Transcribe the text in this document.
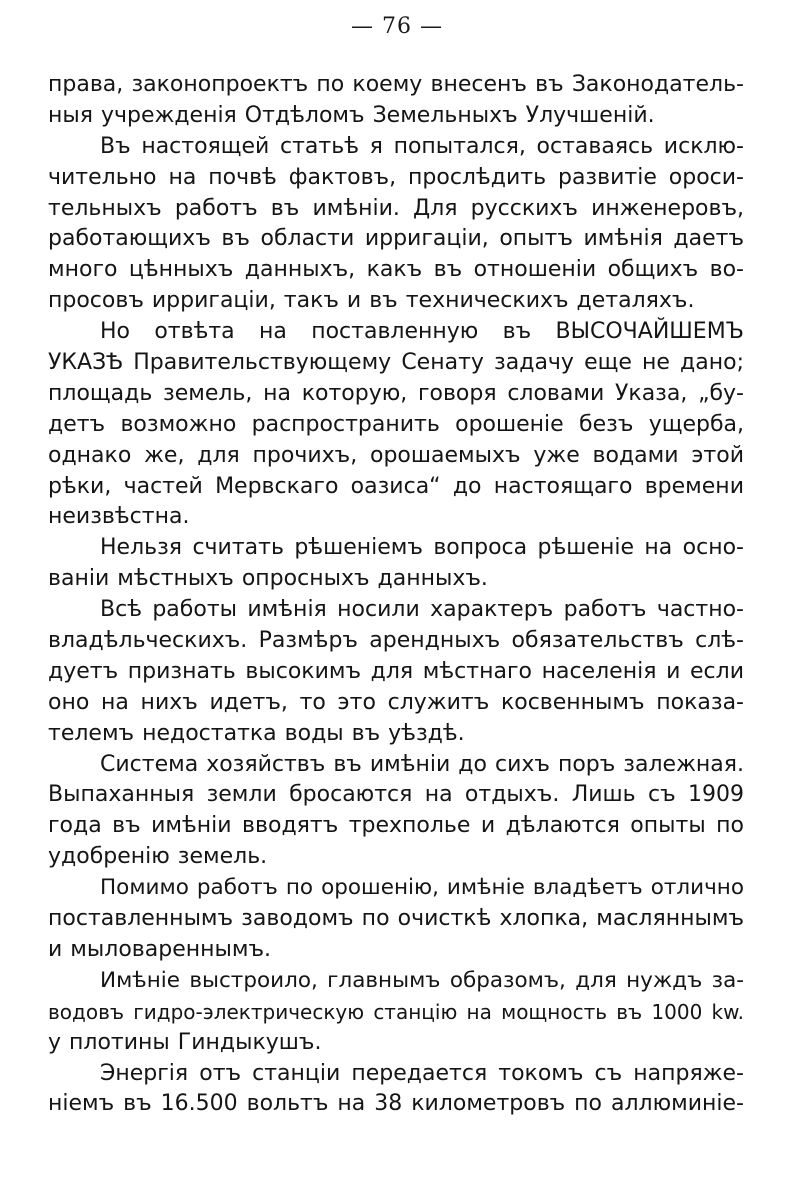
— 76 —
права, законопроектъ по коему внесенъ въ Законодатель-
ныя учрежденія Отдѣломъ Земельныхъ Улучшеній.
Въ настоящей статьѣ я попытался, оставаясь исклю-
чительно на почвѣ фактовъ, прослѣдить развитіе ороси-
тельныхъ работъ въ имѣніи. Для русскихъ инженеровъ,
работающихъ въ области ирригаціи, опытъ имѣнія даетъ
много цѣнныхъ данныхъ, какъ въ отношеніи общихъ во-
просовъ ирригаціи, такъ и въ техническихъ деталяхъ.
Но отвѣта на поставленную въ ВЫСОЧАЙШЕМЪ
УКАЗѢ Правительствующему Сенату задачу еще не дано;
площадь земель, на которую, говоря словами Указа, „бу-
детъ возможно распространить орошеніе безъ ущерба,
однако же, для прочихъ, орошаемыхъ уже водами этой
рѣки, частей Мервскаго оазиса“ до настоящаго времени
неизвѣстна.
Нельзя считать рѣшеніемъ вопроса рѣшеніе на осно-
ваніи мѣстныхъ опросныхъ данныхъ.
Всѣ работы имѣнія носили характеръ работъ частно-
владѣльческихъ. Размѣръ арендныхъ обязательствъ слѣ-
дуетъ признать высокимъ для мѣстнаго населенія и если
оно на нихъ идетъ, то это служитъ косвеннымъ показа-
телемъ недостатка воды въ уѣздѣ.
Система хозяйствъ въ имѣніи до сихъ поръ залежная.
Выпаханныя земли бросаются на отдыхъ. Лишь съ 1909
года въ имѣніи вводятъ трехполье и дѣлаются опыты по
удобренію земель.
Помимо работъ по орошенію, имѣніе владѣетъ отлично
поставленнымъ заводомъ по очисткѣ хлопка, масляннымъ
и мыловареннымъ.
Имѣніе выстроило, главнымъ образомъ, для нуждъ за-
водовъ гидро-электрическую станцію на мощность въ 1000 kw.
у плотины Гиндыкушъ.
Энергія отъ станціи передается токомъ съ напряже-
ніемъ въ 16.500 вольтъ на 38 километровъ по аллюминіе-
